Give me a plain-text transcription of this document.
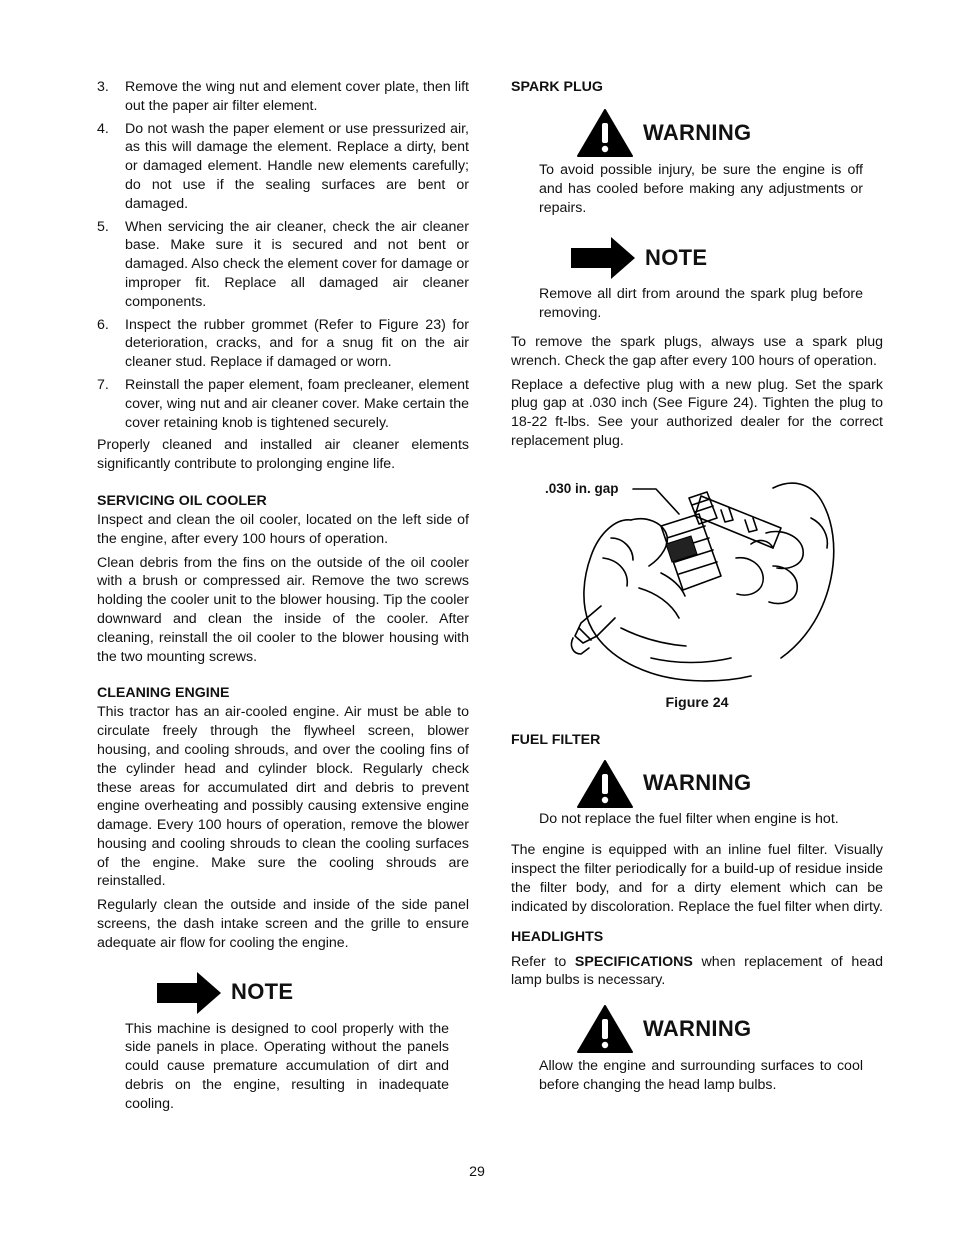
3.	Remove the wing nut and element cover plate, then lift out the paper air filter element.
4.	Do not wash the paper element or use pressurized air, as this will damage the element. Replace a dirty, bent or damaged element. Handle new elements carefully; do not use if the sealing surfaces are bent or damaged.
5.	When servicing the air cleaner, check the air cleaner base. Make sure it is secured and not bent or damaged. Also check the element cover for damage or improper fit. Replace all damaged air cleaner components.
6.	Inspect the rubber grommet (Refer to Figure 23) for deterioration, cracks, and for a snug fit on the air cleaner stud. Replace if damaged or worn.
7.	Reinstall the paper element, foam precleaner, element cover, wing nut and air cleaner cover. Make certain the cover retaining knob is tightened securely.

Properly cleaned and installed air cleaner elements significantly contribute to prolonging engine life.

SERVICING OIL COOLER

Inspect and clean the oil cooler, located on the left side of the engine, after every 100 hours of operation.

Clean debris from the fins on the outside of the oil cooler with a brush or compressed air. Remove the two screws holding the cooler unit to the blower housing. Tip the cooler downward and clean the inside of the cooler. After cleaning, reinstall the oil cooler to the blower housing with the two mounting screws.

CLEANING ENGINE

This tractor has an air-cooled engine. Air must be able to circulate freely through the flywheel screen, blower housing, and cooling shrouds, and over the cooling fins of the cylinder head and cylinder block. Regularly check these areas for accumulated dirt and debris to prevent engine overheating and possibly causing extensive engine damage. Every 100 hours of operation, remove the blower housing and cooling shrouds to clean the cooling surfaces of the engine. Make sure the cooling shrouds are reinstalled.

Regularly clean the outside and inside of the side panel screens, the dash intake screen and the grille to ensure adequate air flow for cooling the engine.

NOTE

This machine is designed to cool properly with the side panels in place. Operating without the panels could cause premature accumulation of dirt and debris on the engine, resulting in inadequate cooling.

SPARK PLUG
WARNING

To avoid possible injury, be sure the engine is off and has cooled before making any adjustments or repairs.

NOTE

Remove all dirt from around the spark plug before removing.

To remove the spark plugs, always use a spark plug wrench. Check the gap after every 100 hours of operation.

Replace a defective plug with a new plug. Set the spark plug gap at .030 inch (See Figure 24). Tighten the plug to 18-22 ft-lbs. See your authorized dealer for the correct replacement plug.

.030 in. gap

Figure 24

FUEL FILTER
WARNING

Do not replace the fuel filter when engine is hot.

The engine is equipped with an inline fuel filter. Visually inspect the filter periodically for a build-up of residue inside the filter body, and for a dirty element which can be indicated by discoloration. Replace the fuel filter when dirty.

HEADLIGHTS

Refer to SPECIFICATIONS when replacement of head lamp bulbs is necessary.

WARNING

Allow the engine and surrounding surfaces to cool before changing the head lamp bulbs.

29
